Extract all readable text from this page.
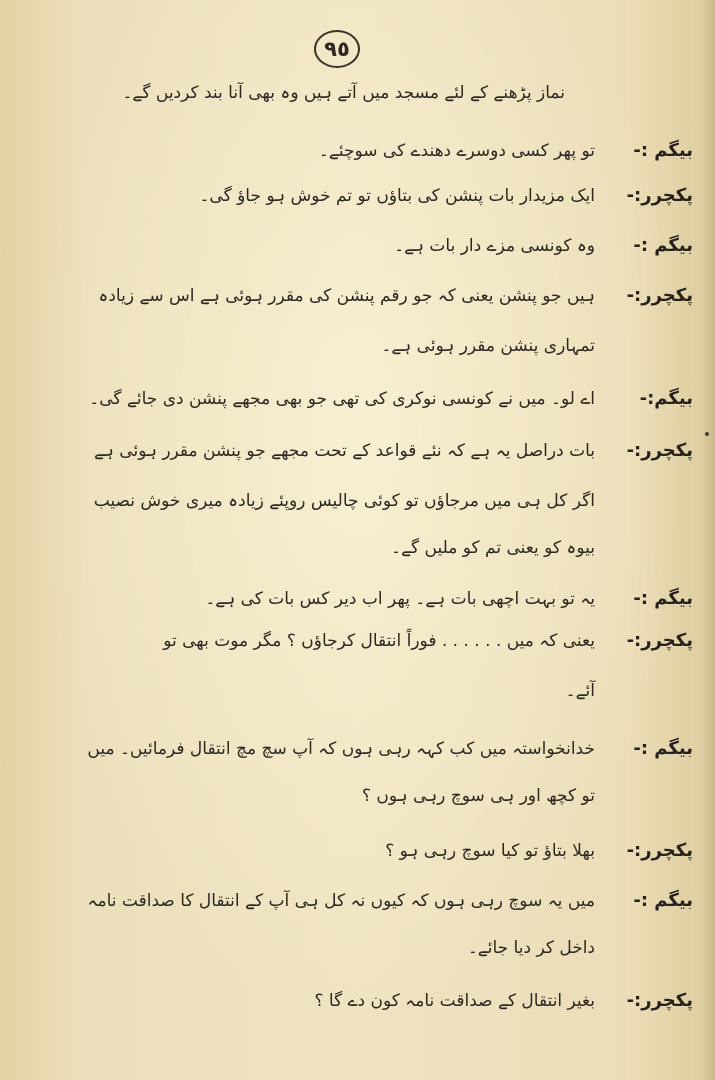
٩٥
نماز پڑھنے کے لئے مسجد میں آتے ہیں وہ بھی آنا بند کردیں گے۔
بیگم :-
تو پھر کسی دوسرے دھندے کی سوچئے۔
پکچرر:-
ایک مزیدار بات پنشن کی بتاؤں تو تم خوش ہو جاؤ گی۔
بیگم :-
وہ کونسی مزے دار بات ہے۔
پکچرر:-
ہیں جو پنشن یعنی کہ جو رقم پنشن کی مقرر ہوئی ہے اس سے زیادہ
تمہاری پنشن مقرر ہوئی ہے۔
بیگم:-
اے لو۔ میں نے کونسی نوکری کی تھی جو بھی مجھے پنشن دی جائے گی۔
پکچرر:-
بات دراصل یہ ہے کہ نئے قواعد کے تحت مجھے جو پنشن مقرر ہوئی ہے
اگر کل ہی میں مرجاؤں تو کوئی چالیس روپئے زیادہ میری خوش نصیب
بیوہ کو یعنی تم کو ملیں گے۔
بیگم :-
یہ تو بہت اچھی بات ہے۔ پھر اب دیر کس بات کی ہے۔
پکچرر:-
یعنی کہ میں . . . . . . فوراً انتقال کرجاؤں ؟ مگر موت بھی تو
آئے۔
بیگم :-
خدانخواستہ میں کب کہہ رہی ہوں کہ آپ سچ مچ انتقال فرمائیں۔ میں
تو کچھ اور ہی سوچ رہی ہوں ؟
پکچرر:-
بھلا بتاؤ تو کیا سوچ رہی ہو ؟
بیگم :-
میں یہ سوچ رہی ہوں کہ کیوں نہ کل ہی آپ کے انتقال کا صداقت نامہ
داخل کر دیا جائے۔
پکچرر:-
بغیر انتقال کے صداقت نامہ کون دے گا ؟
